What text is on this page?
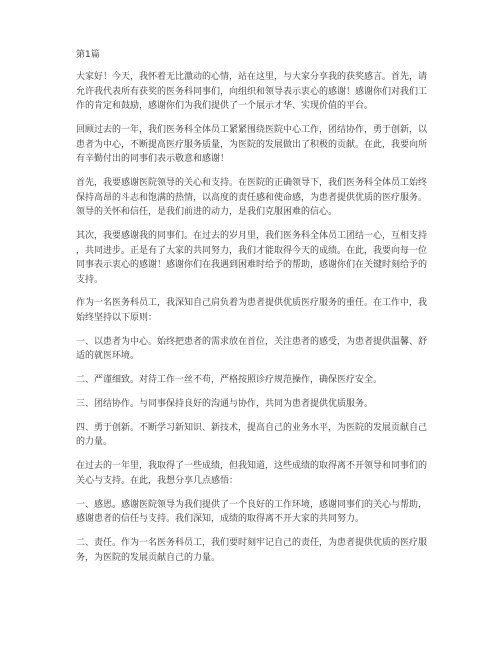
第1篇

大家好！今天，我怀着无比激动的心情，站在这里，与大家分享我的获奖感言。首先，请允许我代表所有获奖的医务科同事们，向组织和领导表示衷心的感谢！感谢你们对我们工作的肯定和鼓励，感谢你们为我们提供了一个展示才华、实现价值的平台。

回顾过去的一年，我们医务科全体员工紧紧围绕医院中心工作，团结协作，勇于创新，以患者为中心，不断提高医疗服务质量，为医院的发展做出了积极的贡献。在此，我要向所有辛勤付出的同事们表示敬意和感谢！

首先，我要感谢医院领导的关心和支持。在医院的正确领导下，我们医务科全体员工始终保持高昂的斗志和饱满的热情，以高度的责任感和使命感，为患者提供优质的医疗服务。领导的关怀和信任，是我们前进的动力，是我们克服困难的信心。

其次，我要感谢我的同事们。在过去的岁月里，我们医务科全体员工团结一心，互相支持，共同进步。正是有了大家的共同努力，我们才能取得今天的成绩。在此，我要向每一位同事表示衷心的感谢！感谢你们在我遇到困难时给予的帮助，感谢你们在关键时刻给予的支持。

作为一名医务科员工，我深知自己肩负着为患者提供优质医疗服务的重任。在工作中，我始终坚持以下原则：

一、以患者为中心。始终把患者的需求放在首位，关注患者的感受，为患者提供温馨、舒适的就医环境。

二、严谨细致。对待工作一丝不苟，严格按照诊疗规范操作，确保医疗安全。

三、团结协作。与同事保持良好的沟通与协作，共同为患者提供优质服务。

四、勇于创新。不断学习新知识、新技术，提高自己的业务水平，为医院的发展贡献自己的力量。

在过去的一年里，我取得了一些成绩，但我知道，这些成绩的取得离不开领导和同事们的关心与支持。在此，我想分享几点感悟：

一、感恩。感谢医院领导为我们提供了一个良好的工作环境，感谢同事们的关心与帮助，感谢患者的信任与支持。我们深知，成绩的取得离不开大家的共同努力。

二、责任。作为一名医务科员工，我们要时刻牢记自己的责任，为患者提供优质的医疗服务，为医院的发展贡献自己的力量。
